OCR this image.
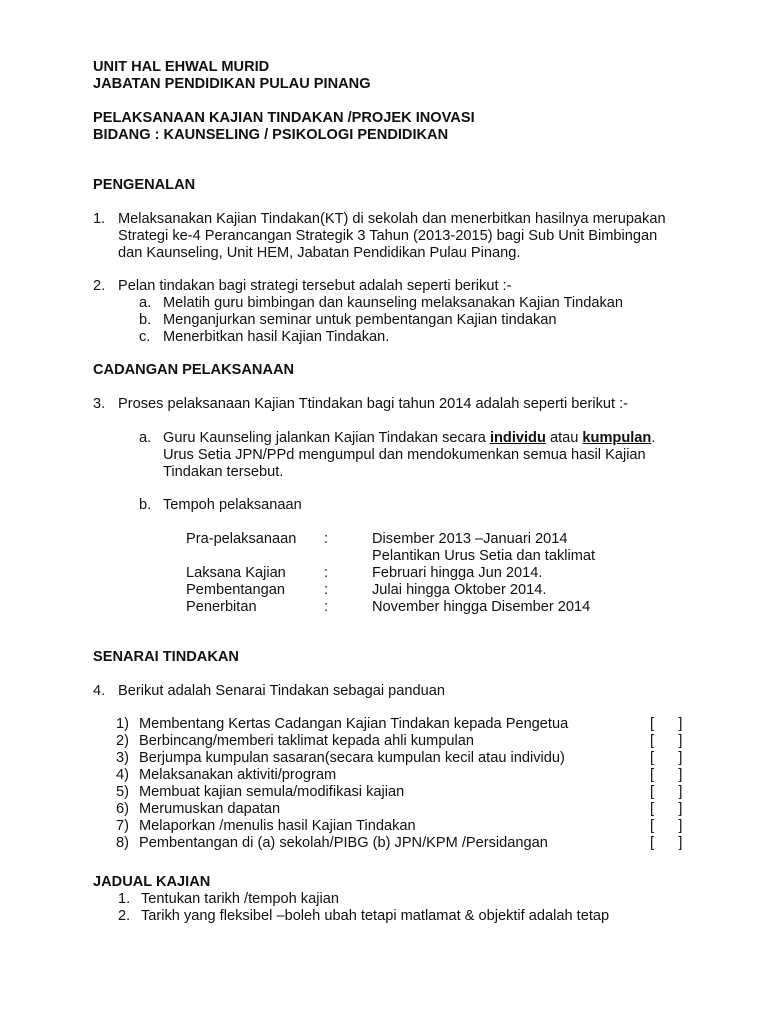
UNIT HAL EHWAL MURID
JABATAN PENDIDIKAN PULAU PINANG
PELAKSANAAN KAJIAN TINDAKAN /PROJEK INOVASI
BIDANG : KAUNSELING / PSIKOLOGI PENDIDIKAN
PENGENALAN
1. Melaksanakan Kajian Tindakan(KT) di sekolah dan menerbitkan hasilnya merupakan
Strategi ke-4 Perancangan Strategik 3 Tahun (2013-2015) bagi Sub Unit Bimbingan
dan Kaunseling, Unit HEM, Jabatan Pendidikan Pulau Pinang.
2. Pelan tindakan bagi strategi tersebut adalah seperti berikut :-
a. Melatih guru bimbingan dan kaunseling melaksanakan Kajian Tindakan
b. Menganjurkan seminar untuk pembentangan Kajian tindakan
c. Menerbitkan hasil Kajian Tindakan.
CADANGAN PELAKSANAAN
3. Proses pelaksanaan Kajian Ttindakan bagi tahun 2014 adalah seperti berikut :-
a. Guru Kaunseling jalankan Kajian Tindakan secara individu atau kumpulan.
Urus Setia JPN/PPd mengumpul dan mendokumenkan semua hasil Kajian
Tindakan tersebut.
b. Tempoh pelaksanaan
Pra-pelaksanaan :	Disember 2013 –Januari 2014
Pelantikan Urus Setia dan taklimat
Laksana Kajian	:	Februari hingga Jun 2014.
Pembentangan	:	Julai hingga Oktober 2014.
Penerbitan	:	November hingga Disember 2014
SENARAI TINDAKAN
4. Berikut adalah Senarai Tindakan sebagai panduan
1) Membentang Kertas Cadangan Kajian Tindakan kepada Pengetua	[      ]
2) Berbincang/memberi taklimat kepada ahli kumpulan	[      ]
3) Berjumpa kumpulan sasaran(secara kumpulan kecil atau individu)	[      ]
4) Melaksanakan aktiviti/program	[      ]
5) Membuat kajian semula/modifikasi kajian	[      ]
6) Merumuskan dapatan	[      ]
7) Melaporkan /menulis hasil Kajian Tindakan	[      ]
8) Pembentangan di (a) sekolah/PIBG (b) JPN/KPM /Persidangan	[      ]
JADUAL KAJIAN
1. Tentukan tarikh /tempoh kajian
2. Tarikh yang fleksibel –boleh ubah tetapi matlamat & objektif adalah tetap
